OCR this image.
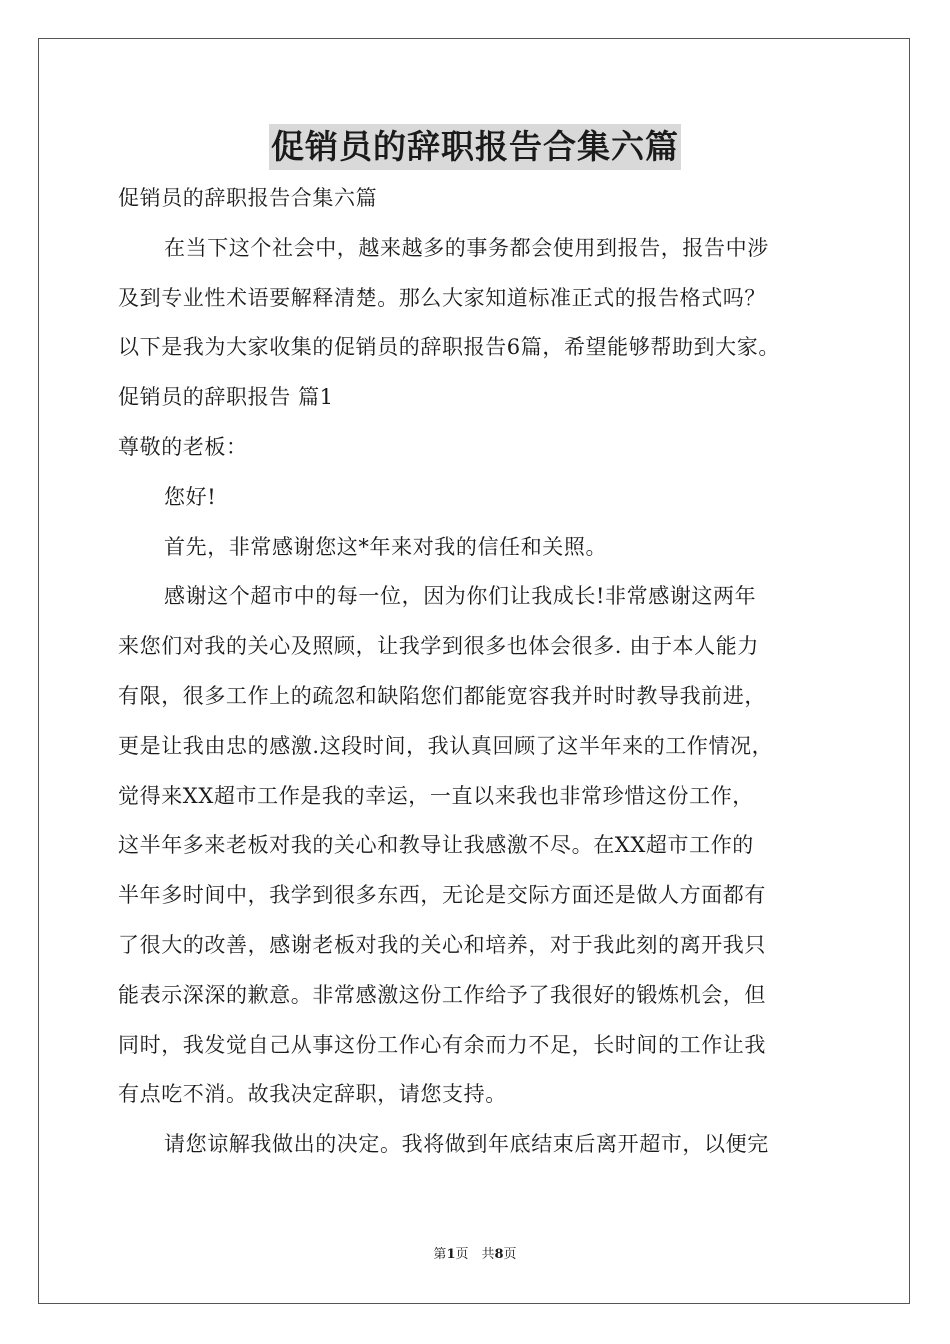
促销员的辞职报告合集六篇
促销员的辞职报告合集六篇
在当下这个社会中，越来越多的事务都会使用到报告，报告中涉
及到专业性术语要解释清楚。那么大家知道标准正式的报告格式吗？
以下是我为大家收集的促销员的辞职报告6篇，希望能够帮助到大家。
促销员的辞职报告 篇1
尊敬的老板：
您好!
首先，非常感谢您这*年来对我的信任和关照。
感谢这个超市中的每一位，因为你们让我成长!非常感谢这两年
来您们对我的关心及照顾，让我学到很多也体会很多. 由于本人能力
有限，很多工作上的疏忽和缺陷您们都能宽容我并时时教导我前进，
更是让我由忠的感激.这段时间，我认真回顾了这半年来的工作情况，
觉得来XX超市工作是我的幸运，一直以来我也非常珍惜这份工作，
这半年多来老板对我的关心和教导让我感激不尽。在XX超市工作的
半年多时间中，我学到很多东西，无论是交际方面还是做人方面都有
了很大的改善，感谢老板对我的关心和培养，对于我此刻的离开我只
能表示深深的歉意。非常感激这份工作给予了我很好的锻炼机会，但
同时，我发觉自己从事这份工作心有余而力不足，长时间的工作让我
有点吃不消。故我决定辞职，请您支持。
请您谅解我做出的决定。我将做到年底结束后离开超市，以便完
第1页　共8页
